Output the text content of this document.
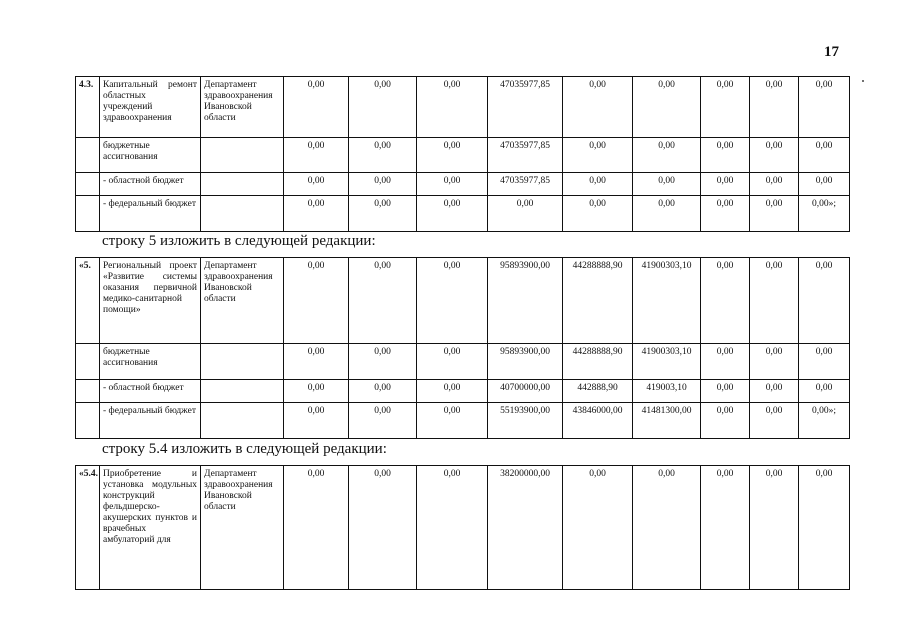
17
4.3.	Капитальный ремонт областных учреждений здравоохранения	Департамент здравоохранения Ивановской области	0,00	0,00	0,00	47035977,85	0,00	0,00	0,00	0,00	0,00
	бюджетные ассигнования		0,00	0,00	0,00	47035977,85	0,00	0,00	0,00	0,00	0,00
	- областной бюджет		0,00	0,00	0,00	47035977,85	0,00	0,00	0,00	0,00	0,00
	- федеральный бюджет		0,00	0,00	0,00	0,00	0,00	0,00	0,00	0,00	0,00»;
строку 5 изложить в следующей редакции:
«5.	Региональный проект «Развитие системы оказания первичной медико-санитарной помощи»	Департамент здравоохранения Ивановской области	0,00	0,00	0,00	95893900,00	44288888,90	41900303,10	0,00	0,00	0,00
	бюджетные ассигнования		0,00	0,00	0,00	95893900,00	44288888,90	41900303,10	0,00	0,00	0,00
	- областной бюджет		0,00	0,00	0,00	40700000,00	442888,90	419003,10	0,00	0,00	0,00
	- федеральный бюджет		0,00	0,00	0,00	55193900,00	43846000,00	41481300,00	0,00	0,00	0,00»;
строку 5.4 изложить в следующей редакции:
«5.4.	Приобретение и установка модульных конструкций фельдшерско-акушерских пунктов и врачебных амбулаторий для	Департамент здравоохранения Ивановской области	0,00	0,00	0,00	38200000,00	0,00	0,00	0,00	0,00	0,00
